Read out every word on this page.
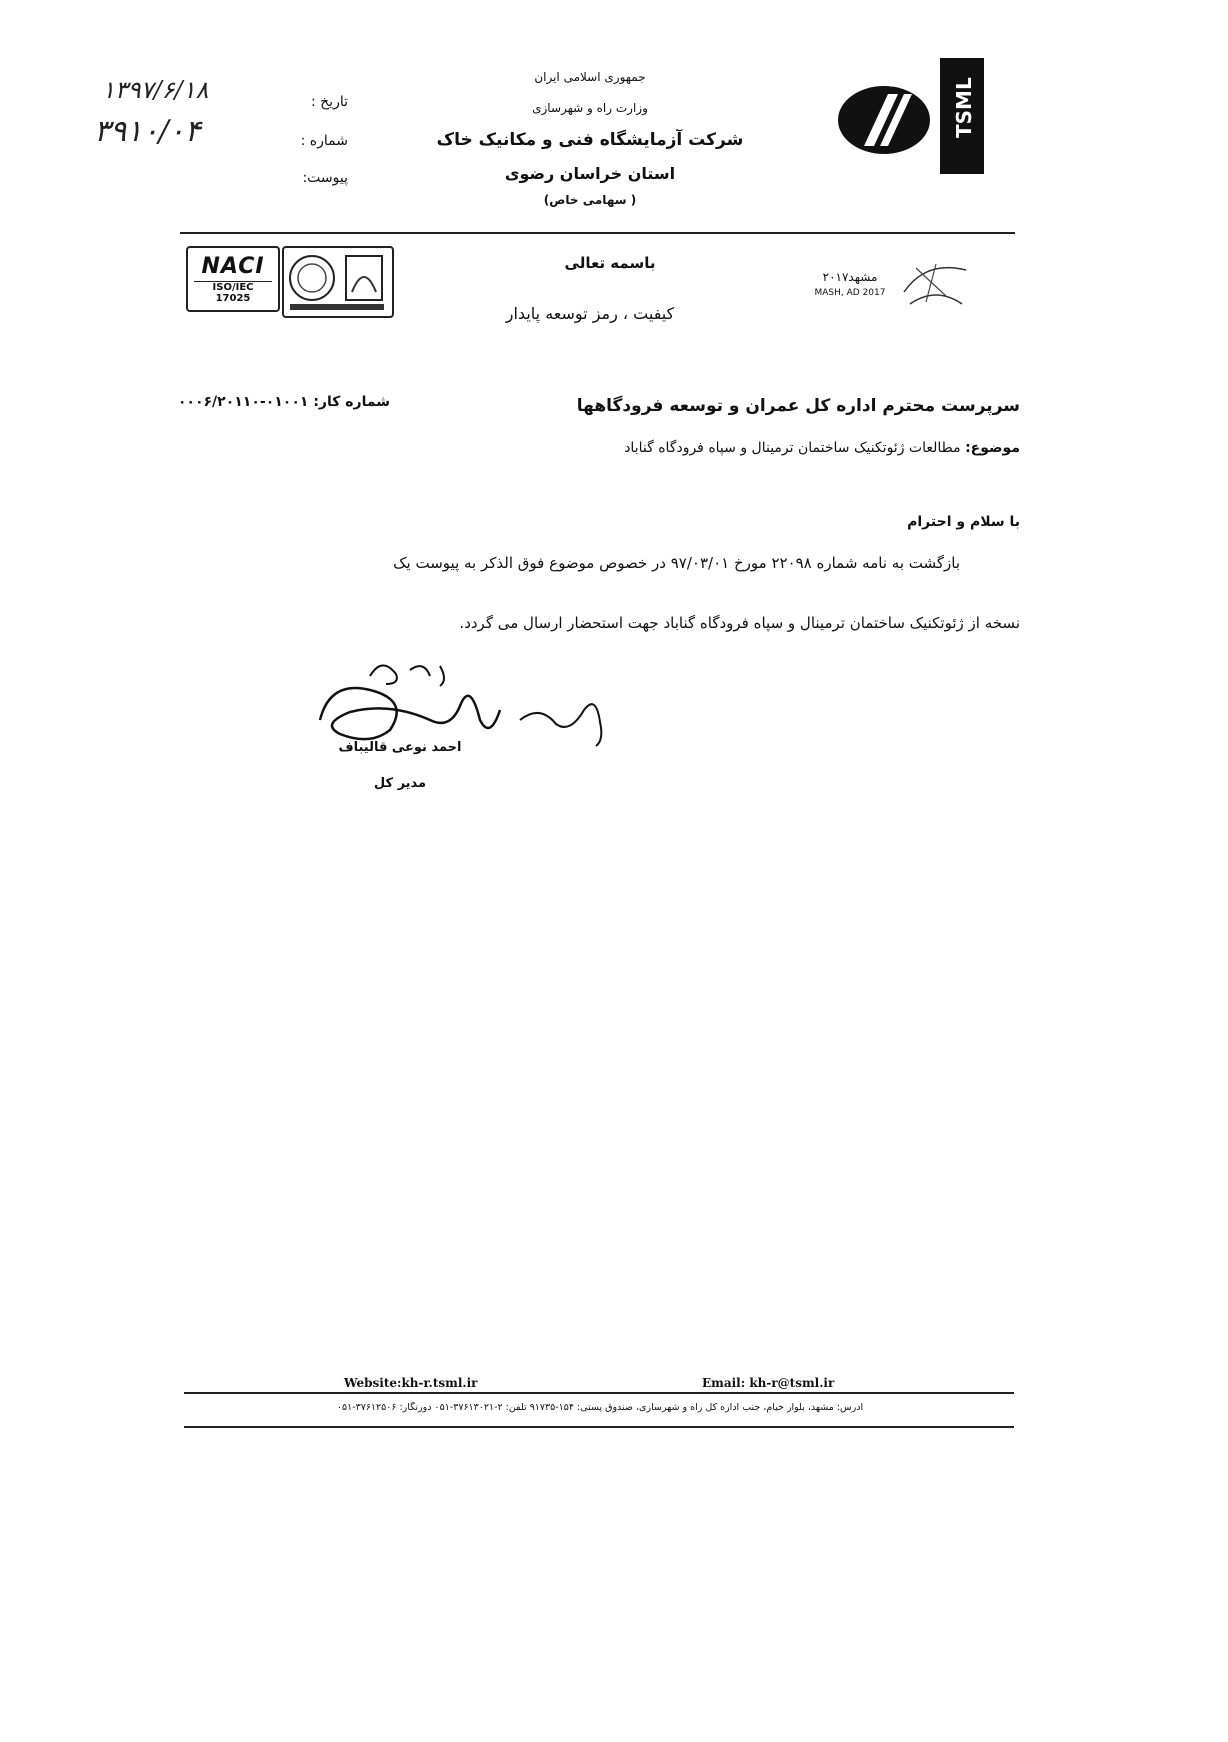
TSML
جمهوری اسلامی ایران
وزارت راه و شهرسازی
شرکت آزمایشگاه فنی و مکانیک خاک
استان خراسان رضوی
( سهامی خاص)
تاریخ :
شماره :
پیوست:
۱۳۹۷/۶/۱۸
۳۹۱۰/۰۴
NACI
ISO/IEC 17025
باسمه تعالی
کیفیت ، رمز توسعه پایدار
مشهد۲۰۱۷
MASH, AD 2017
سرپرست محترم اداره کل عمران و توسعه فرودگاهها
شماره کار: ۰۱۰۰۱-۰۰۰۶/۲۰۱۱۰
موضوع: مطالعات ژئوتکنیک ساختمان ترمینال و سپاه فرودگاه گناباد
با سلام و احترام
بازگشت به نامه شماره ۲۲۰۹۸ مورخ ۹۷/۰۳/۰۱ در خصوص موضوع فوق الذکر به پیوست یک
نسخه از ژئوتکنیک ساختمان ترمینال و سپاه فرودگاه گناباد جهت استحضار ارسال می گردد.
احمد نوعی قالیباف
مدیر کل
Website:kh-r.tsml.ir	Email: kh-r@tsml.ir
آدرس: مشهد، بلوار خیام، جنب اداره کل راه و شهرسازی، صندوق پستی: ۱۵۴-۹۱۷۳۵ تلفن: ۲-۳۷۶۱۳۰۲۱-۰۵۱ دورنگار: ۳۷۶۱۲۵۰۶-۰۵۱
